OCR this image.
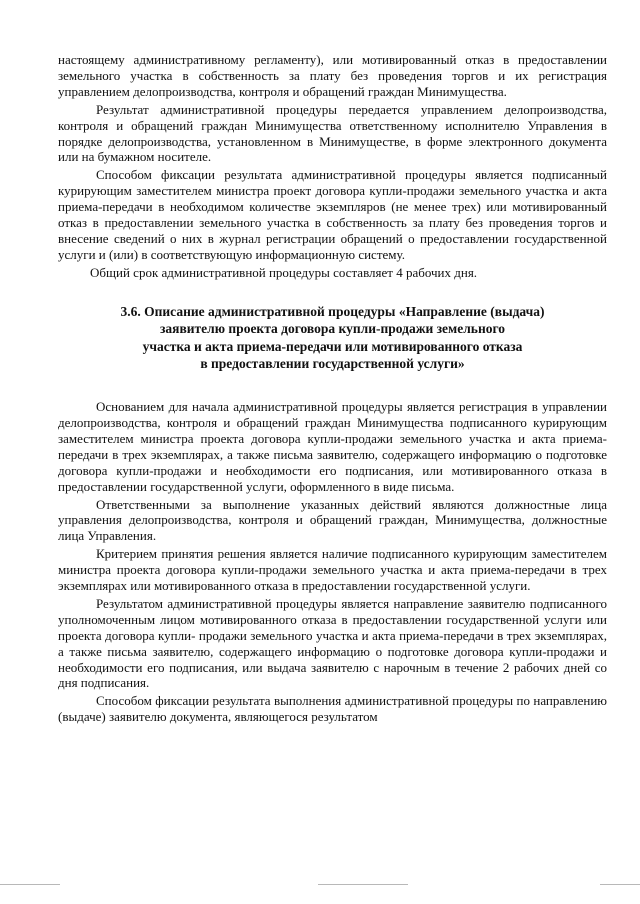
настоящему административному регламенту), или мотивированный отказ в предоставлении земельного участка в собственность за плату без проведения торгов и их регистрация управлением делопроизводства, контроля и обращений граждан Минимущества.

Результат административной процедуры передается управлением делопроизводства, контроля и обращений граждан Минимущества ответственному исполнителю Управления в порядке делопроизводства, установленном в Минимуществе, в форме электронного документа или на бумажном носителе.

Способом фиксации результата административной процедуры является подписанный курирующим заместителем министра проект договора купли-продажи земельного участка и акта приема-передачи в необходимом количестве экземпляров (не менее трех) или мотивированный отказ в предоставлении земельного участка в собственность за плату без проведения торгов и внесение сведений о них в журнал регистрации обращений о предоставлении государственной услуги и (или) в соответствующую информационную систему.

Общий срок административной процедуры составляет 4 рабочих дня.

3.6. Описание административной процедуры «Направление (выдача)
заявителю проекта договора купли-продажи земельного
участка и акта приема-передачи или мотивированного отказа
в предоставлении государственной услуги»

Основанием для начала административной процедуры является регистрация в управлении делопроизводства, контроля и обращений граждан Минимущества подписанного курирующим заместителем министра проекта договора купли-продажи земельного участка и акта приема-передачи в трех экземплярах, а также письма заявителю, содержащего информацию о подготовке договора купли-продажи и необходимости его подписания, или мотивированного отказа в предоставлении государственной услуги, оформленного в виде письма.

Ответственными за выполнение указанных действий являются должностные лица управления делопроизводства, контроля и обращений граждан, Минимущества, должностные лица Управления.

Критерием принятия решения является наличие подписанного курирующим заместителем министра проекта договора купли-продажи земельного участка и акта приема-передачи в трех экземплярах или мотивированного отказа в предоставлении государственной услуги.

Результатом административной процедуры является направление заявителю подписанного уполномоченным лицом мотивированного отказа в предоставлении государственной услуги или проекта договора купли- продажи земельного участка и акта приема-передачи в трех экземплярах, а также письма заявителю, содержащего информацию о подготовке договора купли-продажи и необходимости его подписания, или выдача заявителю с нарочным в течение 2 рабочих дней со дня подписания.

Способом фиксации результата выполнения административной процедуры по направлению (выдаче) заявителю документа, являющегося результатом
